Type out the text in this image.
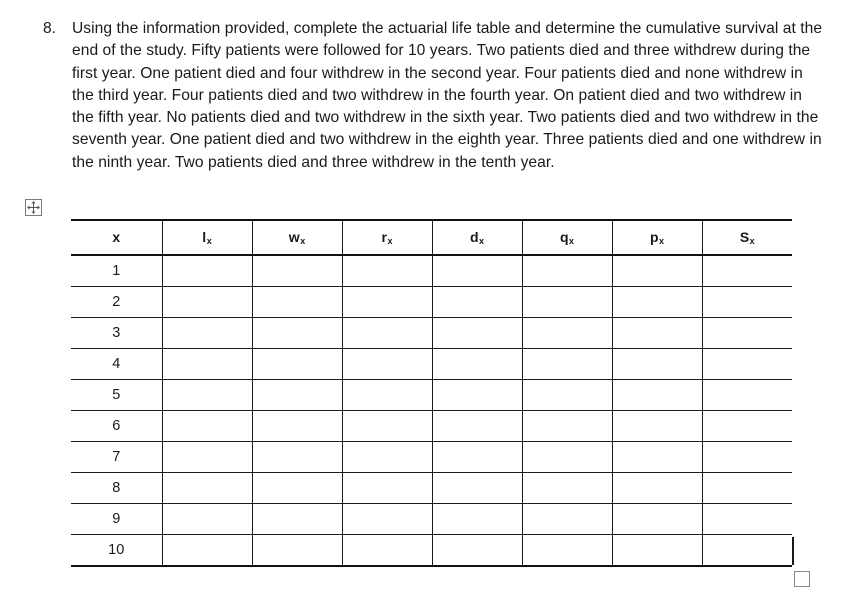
8. Using the information provided, complete the actuarial life table and determine the cumulative survival at the end of the study. Fifty patients were followed for 10 years. Two patients died and three withdrew during the first year. One patient died and four withdrew in the second year. Four patients died and none withdrew in the third year. Four patients died and two withdrew in the fourth year. On patient died and two withdrew in the fifth year. No patients died and two withdrew in the sixth year. Two patients died and two withdrew in the seventh year. One patient died and two withdrew in the eighth year. Three patients died and one withdrew in the ninth year. Two patients died and three withdrew in the tenth year.
x	$l_x$	$w_x$	$r_x$	$d_x$	$q_x$	$p_x$	$S_x$
1							
2							
3							
4							
5							
6							
7							
8							
9							
10							
